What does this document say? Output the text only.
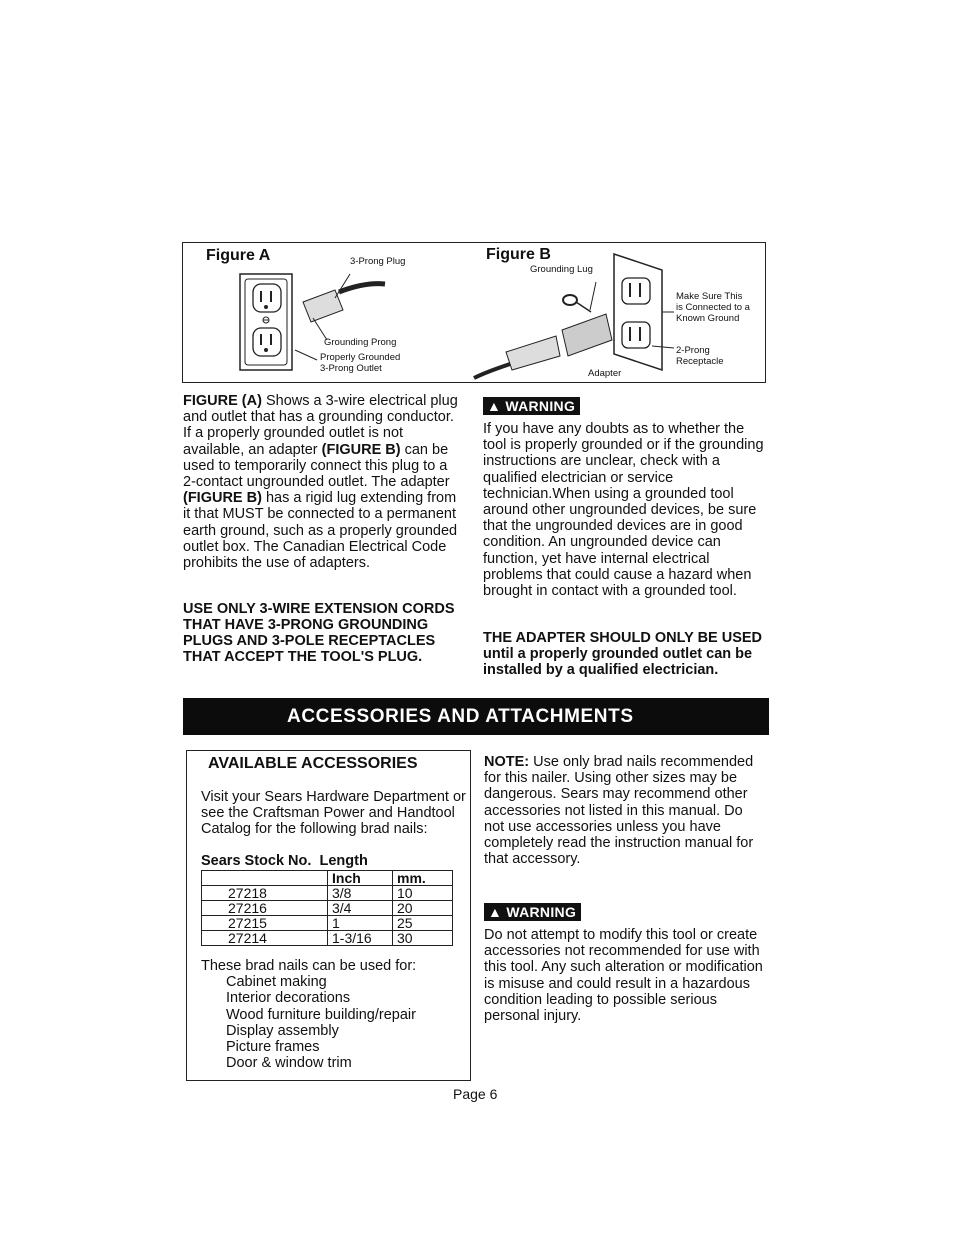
Figure A	3-Prong Plug
Grounding Prong
Properly Grounded
3-Prong Outlet
Figure B
Grounding Lug
Make Sure This
is Connected to a
Known Ground
2-Prong
Receptacle
Adapter
FIGURE (A) Shows a 3-wire electrical plug and outlet that has a grounding conductor. If a properly grounded outlet is not available, an adapter (FIGURE B) can be used to temporarily connect this plug to a 2-contact ungrounded outlet. The adapter (FIGURE B) has a rigid lug extending from it that MUST be connected to a permanent earth ground, such as a properly grounded outlet box. The Canadian Electrical Code prohibits the use of adapters.
USE ONLY 3-WIRE EXTENSION CORDS THAT HAVE 3-PRONG GROUNDING PLUGS AND 3-POLE RECEPTACLES THAT ACCEPT THE TOOL'S PLUG.
▲ WARNING
If you have any doubts as to whether the tool is properly grounded or if the grounding instructions are unclear, check with a qualified electrician or service technician.When using a grounded tool around other ungrounded devices, be sure that the ungrounded devices are in good condition. An ungrounded device can function, yet have internal electrical problems that could cause a hazard when brought in contact with a grounded tool.
THE ADAPTER SHOULD ONLY BE USED
until a properly grounded outlet can be installed by a qualified electrician.
ACCESSORIES AND ATTACHMENTS
AVAILABLE ACCESSORIES
Visit your Sears Hardware Department or see the Craftsman Power and Handtool Catalog for the following brad nails:
Sears Stock No. Length
	Inch	mm.
27218	3/8	10
27216	3/4	20
27215	1	25
27214	1-3/16	30
These brad nails can be used for:
Cabinet making
Interior decorations
Wood furniture building/repair
Display assembly
Picture frames
Door & window trim
NOTE: Use only brad nails recommended for this nailer. Using other sizes may be dangerous. Sears may recommend other accessories not listed in this manual. Do not use accessories unless you have completely read the instruction manual for that accessory.
▲ WARNING
Do not attempt to modify this tool or create accessories not recommended for use with this tool. Any such alteration or modification is misuse and could result in a hazardous condition leading to possible serious personal injury.
Page 6
